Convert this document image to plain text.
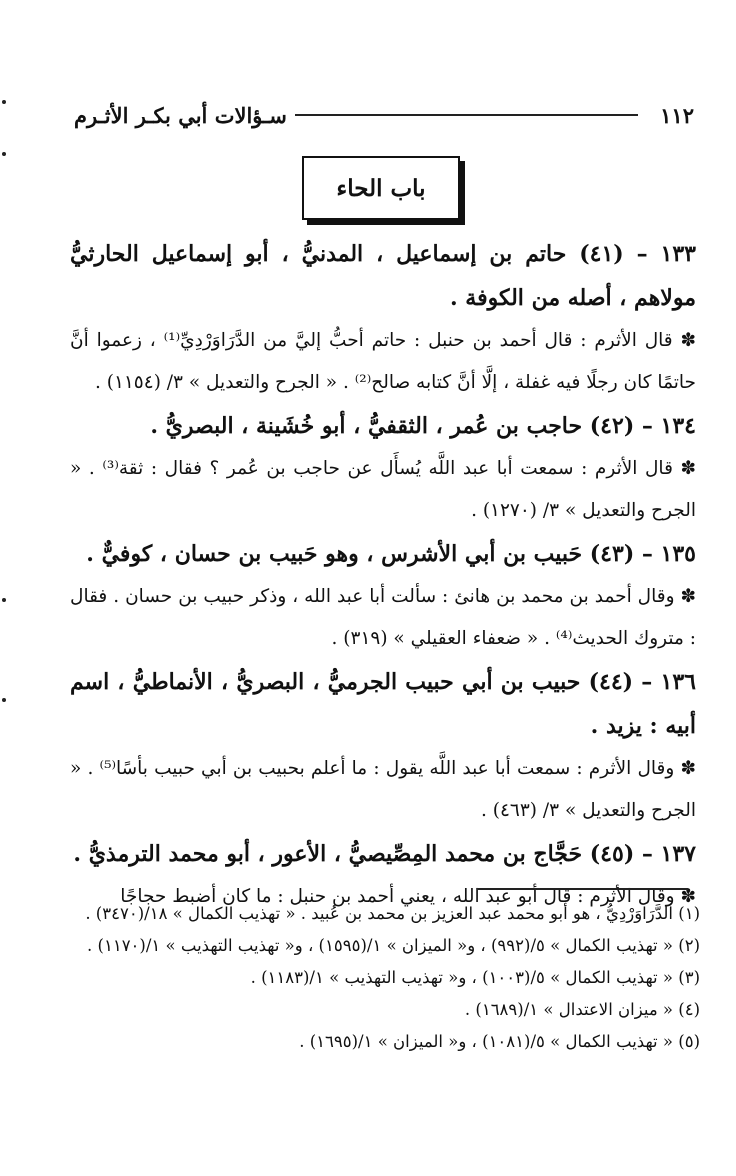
١١٢
سـؤالات أبي بكـر الأثـرم
باب الحاء

١٣٣ – (٤١) حاتم بن إسماعيل ، المدنيُّ ، أبو إسماعيل الحارثيُّ مولاهم ، أصله من الكوفة .

✽ قال الأثرم : قال أحمد بن حنبل : حاتم أحبُّ إليَّ من الدَّرَاوَرْدِيِّ⁽¹⁾ ، زعموا أنَّ حاتمًا كان رجلًا فيه غفلة ، إلَّا أنَّ كتابه صالح⁽²⁾ . « الجرح والتعديل » ٣/ (١١٥٤) .

١٣٤ – (٤٢) حاجب بن عُمر ، الثقفيُّ ، أبو خُشَينة ، البصريُّ .

✽ قال الأثرم : سمعت أبا عبد اللَّه يُسأَل عن حاجب بن عُمر ؟ فقال : ثقة⁽³⁾ . « الجرح والتعديل » ٣/ (١٢٧٠) .

١٣٥ – (٤٣) حَبيب بن أبي الأشرس ، وهو حَبيب بن حسان ، كوفيٌّ .

✽ وقال أحمد بن محمد بن هانئ : سألت أبا عبد الله ، وذكر حبيب بن حسان . فقال : متروك الحديث⁽⁴⁾ . « ضعفاء العقيلي » (٣١٩) .

١٣٦ – (٤٤) حبيب بن أبي حبيب الجرميُّ ، البصريُّ ، الأنماطيُّ ، اسم أبيه : يزيد .

✽ وقال الأثرم : سمعت أبا عبد اللَّه يقول : ما أعلم بحبيب بن أبي حبيب بأسًا⁽⁵⁾ . « الجرح والتعديل » ٣/ (٤٦٣) .

١٣٧ – (٤٥) حَجَّاج بن محمد المِصِّيصيُّ ، الأعور ، أبو محمد الترمذيُّ .

✽ وقال الأثرم : قال أبو عبد الله ، يعني أحمد بن حنبل : ما كان أضبط حجاجًا

(١) الدَّرَاوَرْدِيُّ ، هو أبو محمد عبد العزيز بن محمد بن عُبيد . « تهذيب الكمال » ١٨/(٣٤٧٠) .

(٢) « تهذيب الكمال » ٥/(٩٩٢) ، و« الميزان » ١/(١٥٩٥) ، و« تهذيب التهذيب » ١/(١١٧٠) .

(٣) « تهذيب الكمال » ٥/(١٠٠٣) ، و« تهذيب التهذيب » ١/(١١٨٣) .

(٤) « ميزان الاعتدال » ١/(١٦٨٩) .

(٥) « تهذيب الكمال » ٥/(١٠٨١) ، و« الميزان » ١/(١٦٩٥) .
